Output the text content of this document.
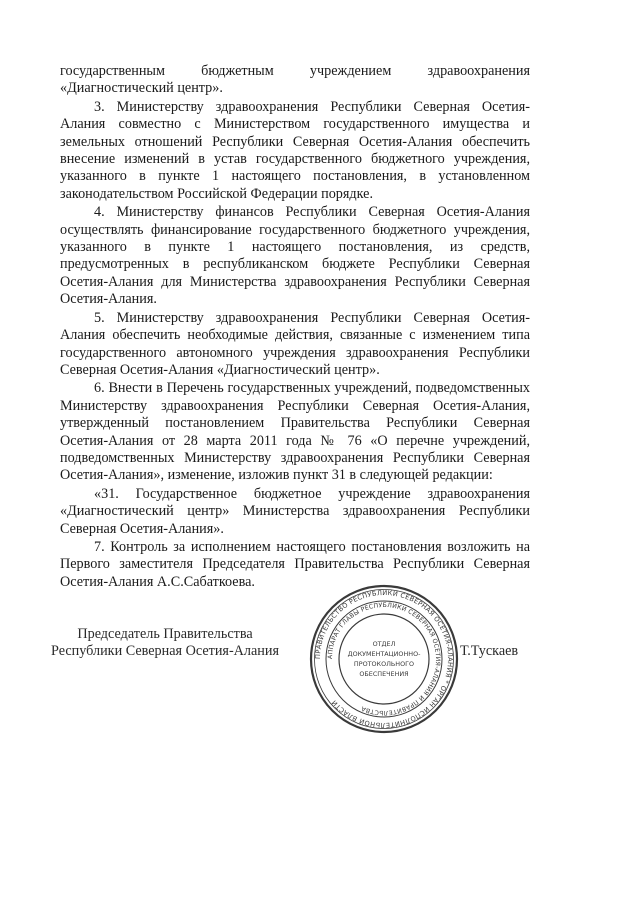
государственным бюджетным учреждением здравоохранения «Диагностический центр».

3. Министерству здравоохранения Республики Северная Осетия-Алания совместно с Министерством государственного имущества и земельных отношений Республики Северная Осетия-Алания обеспечить внесение изменений в устав государственного бюджетного учреждения, указанного в пункте 1 настоящего постановления, в установленном законодательством Российской Федерации порядке.

4. Министерству финансов Республики Северная Осетия-Алания осуществлять финансирование государственного бюджетного учреждения, указанного в пункте 1 настоящего постановления, из средств, предусмотренных в республиканском бюджете Республики Северная Осетия-Алания для Министерства здравоохранения Республики Северная Осетия-Алания.

5. Министерству здравоохранения Республики Северная Осетия-Алания обеспечить необходимые действия, связанные с изменением типа государственного автономного учреждения здравоохранения Республики Северная Осетия-Алания «Диагностический центр».

6. Внести в Перечень государственных учреждений, подведомственных Министерству здравоохранения Республики Северная Осетия-Алания, утвержденный постановлением Правительства Республики Северная Осетия-Алания от 28 марта 2011 года № 76 «О перечне учреждений, подведомственных Министерству здравоохранения Республики Северная Осетия-Алания», изменение, изложив пункт 31 в следующей редакции:

«31. Государственное бюджетное учреждение здравоохранения «Диагностический центр» Министерства здравоохранения Республики Северная Осетия-Алания».

7. Контроль за исполнением настоящего постановления возложить на Первого заместителя Председателя Правительства Республики Северная Осетия-Алания А.С.Сабаткоева.

Председатель Правительства
Республики Северная Осетия-Алания	ПРАВИТЕЛЬСТВО РЕСПУБЛИКИ СЕВЕРНАЯ ОСЕТИЯ-АЛАНИЯ * ОРГАН ИСПОЛНИТЕЛЬНОЙ ВЛАСТИ
АППАРАТ ГЛАВЫ РЕСПУБЛИКИ СЕВЕРНАЯ ОСЕТИЯ-АЛАНИЯ И ПРАВИТЕЛЬСТВА
ОТДЕЛ
ДОКУМЕНТАЦИОННО-
ПРОТОКОЛЬНОГО
ОБЕСПЕЧЕНИЯ
Т.Тускаев
